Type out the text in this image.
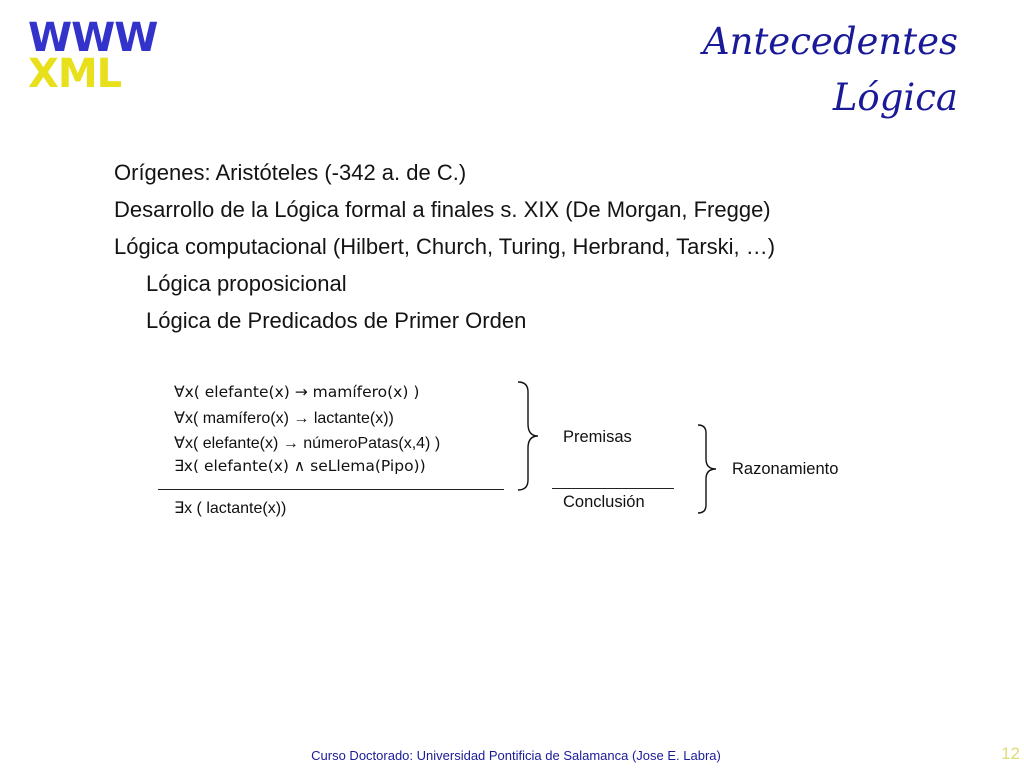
WWW
XML
Antecedentes
Lógica
Orígenes: Aristóteles (-342 a. de C.)
Desarrollo de la Lógica formal a finales s. XIX (De Morgan, Fregge)
Lógica computacional (Hilbert, Church, Turing, Herbrand, Tarski, …)
Lógica proposicional
Lógica de Predicados de Primer Orden
∀x( elefante(x) → mamífero(x) )
∀x( mamífero(x) → lactante(x))
∀x( elefante(x) → númeroPatas(x,4) )
∃x( elefante(x) ∧ seLlema(Pipo))
∃x ( lactante(x))
Premisas
Conclusión
Razonamiento
Curso Doctorado: Universidad Pontificia de Salamanca (Jose E. Labra)	12
